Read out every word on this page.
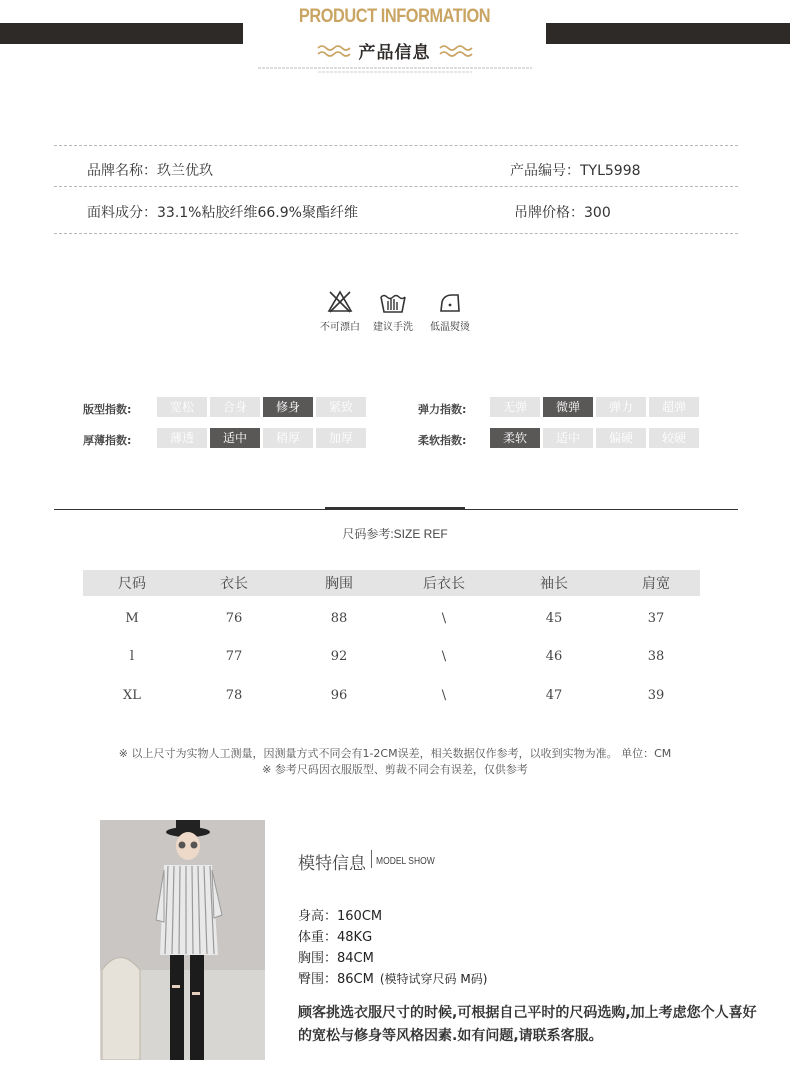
PRODUCT INFORMATION
产品信息
品牌名称：玖兰优玖	产品编号：TYL5998
面料成分：33.1%粘胶纤维66.9%聚酯纤维	吊牌价格：300
不可漂白	建议手洗	低温熨烫
版型指数:	宽松	合身	修身	紧致
厚薄指数:	薄透	适中	稍厚	加厚
弹力指数:	无弹	微弹	弹力	超弹
柔软指数:	柔软	适中	偏硬	较硬
尺码参考:SIZE REF
尺码	衣长	胸围	后衣长	袖长	肩宽
M	76	88	\	45	37
l	77	92	\	46	38
XL	78	96	\	47	39
※ 以上尺寸为实物人工测量，因测量方式不同会有1-2CM误差，相关数据仅作参考，以收到实物为准。 单位：CM
※ 参考尺码因衣服版型、剪裁不同会有误差，仅供参考
模特信息 MODEL SHOW
身高：160CM
体重：48KG
胸围：84CM
臀围：86CM (模特试穿尺码 M码)
顾客挑选衣服尺寸的时候,可根据自己平时的尺码选购,加上考虑您个人喜好的宽松与修身等风格因素.如有问题,请联系客服。
